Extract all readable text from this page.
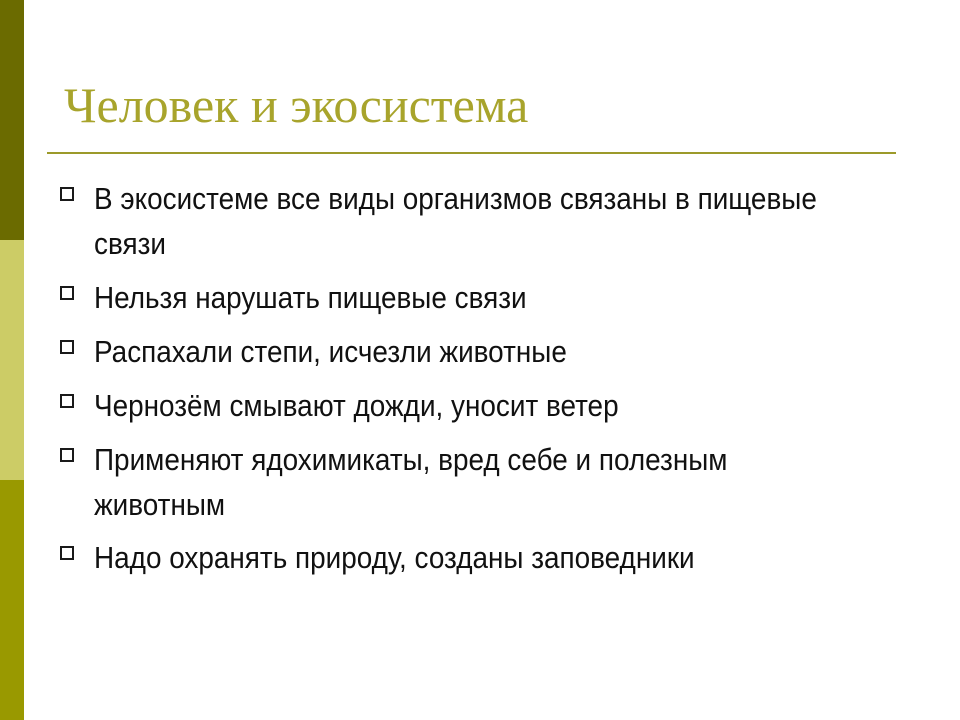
Человек и экосистема
В экосистеме все виды организмов связаны в пищевые связи
Нельзя нарушать пищевые связи
Распахали степи, исчезли животные
Чернозём смывают дожди, уносит ветер
Применяют ядохимикаты, вред себе и полезным животным
Надо охранять природу, созданы заповедники
